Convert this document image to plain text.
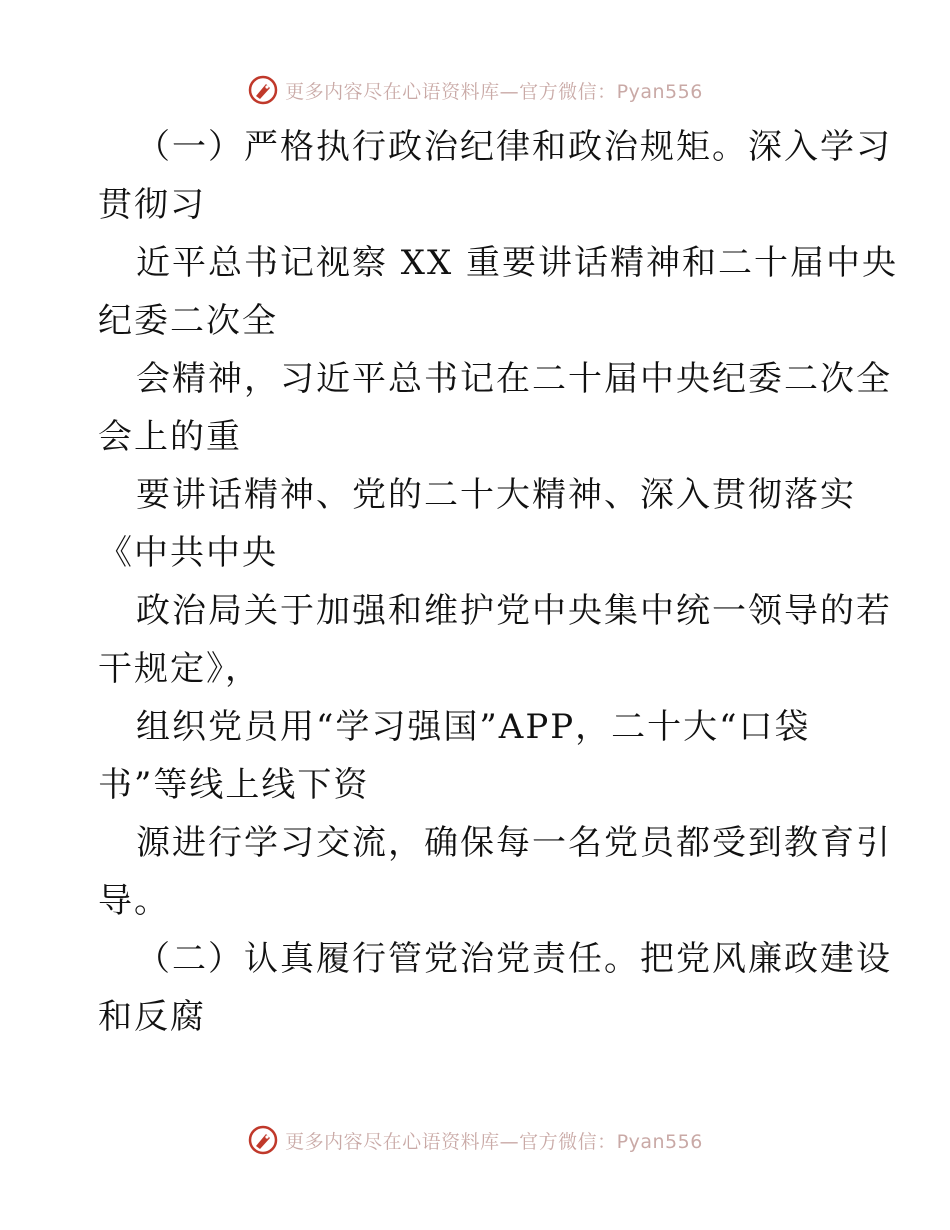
更多内容尽在心语资料库—官方微信：Pyan556
（一）严格执行政治纪律和政治规矩。深入学习
贯彻习
近平总书记视察 XX 重要讲话精神和二十届中央
纪委二次全
会精神，习近平总书记在二十届中央纪委二次全
会上的重
要讲话精神、党的二十大精神、深入贯彻落实
《中共中央
政治局关于加强和维护党中央集中统一领导的若
干规定》，
组织党员用“学习强国”APP，二十大“口袋
书”等线上线下资
源进行学习交流，确保每一名党员都受到教育引
导。
（二）认真履行管党治党责任。把党风廉政建设
和反腐
更多内容尽在心语资料库—官方微信：Pyan556
